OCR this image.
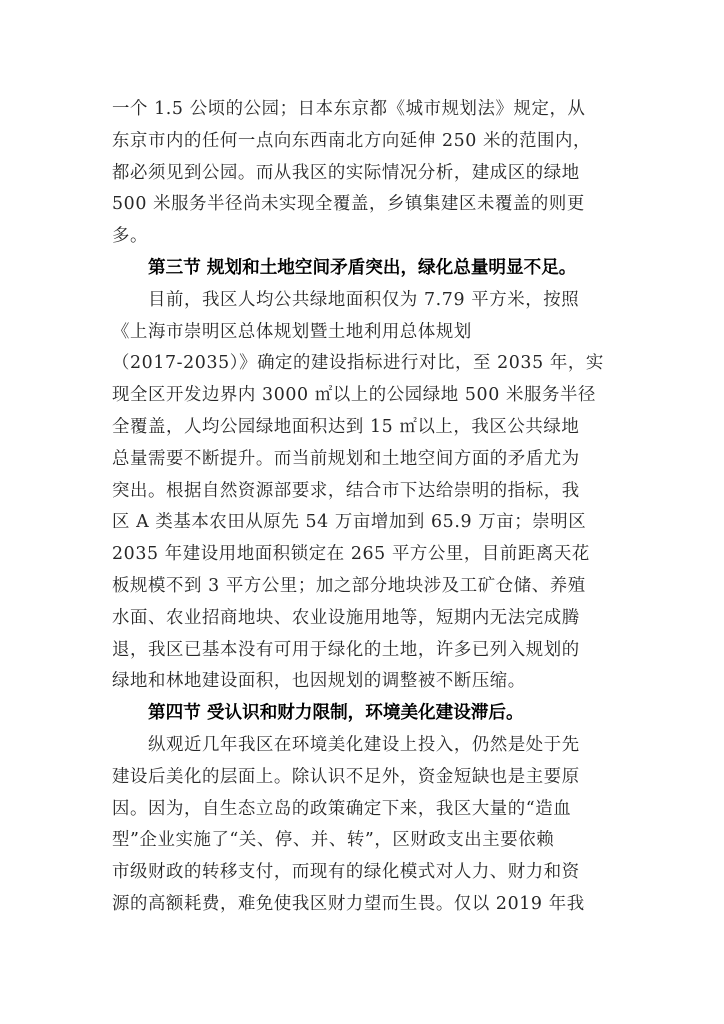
一个 1.5 公顷的公园；日本东京都《城市规划法》规定，从
东京市内的任何一点向东西南北方向延伸 250 米的范围内，
都必须见到公园。而从我区的实际情况分析，建成区的绿地
500 米服务半径尚未实现全覆盖，乡镇集建区未覆盖的则更
多。
第三节 规划和土地空间矛盾突出，绿化总量明显不足。
目前，我区人均公共绿地面积仅为 7.79 平方米，按照
《上海市崇明区总体规划暨土地利用总体规划
（2017-2035）》确定的建设指标进行对比，至 2035 年，实
现全区开发边界内 3000 ㎡以上的公园绿地 500 米服务半径
全覆盖，人均公园绿地面积达到 15 ㎡以上，我区公共绿地
总量需要不断提升。而当前规划和土地空间方面的矛盾尤为
突出。根据自然资源部要求，结合市下达给崇明的指标，我
区 A 类基本农田从原先 54 万亩增加到 65.9 万亩；崇明区
2035 年建设用地面积锁定在 265 平方公里，目前距离天花
板规模不到 3 平方公里；加之部分地块涉及工矿仓储、养殖
水面、农业招商地块、农业设施用地等，短期内无法完成腾
退，我区已基本没有可用于绿化的土地，许多已列入规划的
绿地和林地建设面积，也因规划的调整被不断压缩。
第四节 受认识和财力限制，环境美化建设滞后。
纵观近几年我区在环境美化建设上投入，仍然是处于先
建设后美化的层面上。除认识不足外，资金短缺也是主要原
因。因为，自生态立岛的政策确定下来，我区大量的“造血
型”企业实施了“关、停、并、转”，区财政支出主要依赖
市级财政的转移支付，而现有的绿化模式对人力、财力和资
源的高额耗费，难免使我区财力望而生畏。仅以 2019 年我
